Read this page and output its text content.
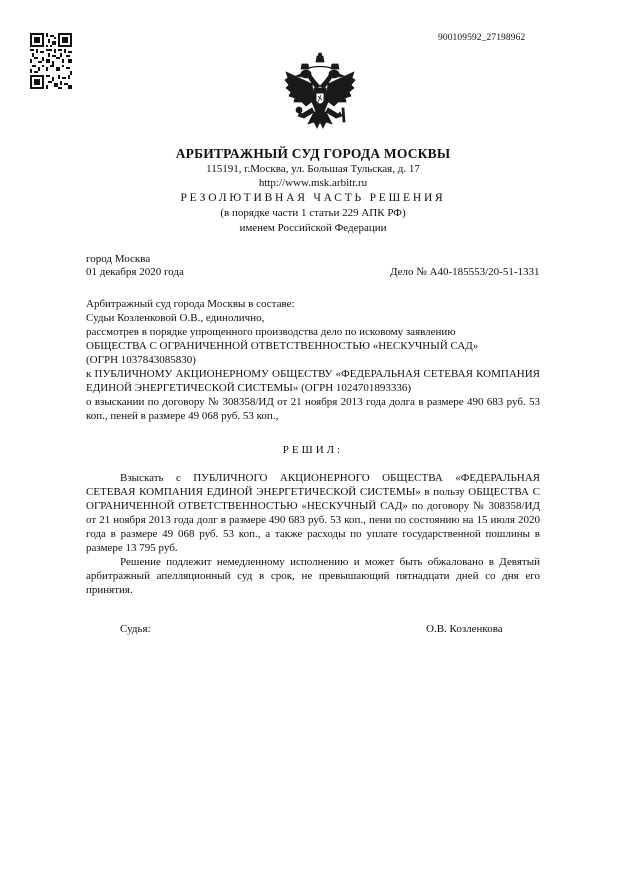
900109592_27198962
АРБИТРАЖНЫЙ СУД ГОРОДА МОСКВЫ
115191, г.Москва, ул. Большая Тульская, д. 17
http://www.msk.arbitr.ru
РЕЗОЛЮТИВНАЯ ЧАСТЬ РЕШЕНИЯ
(в порядке части 1 статьи 229 АПК РФ)
именем Российской Федерации
город Москва
01 декабря 2020 года	Дело № А40-185553/20-51-1331

Арбитражный суд города Москвы в составе:

Судьи Козленковой О.В., единолично,

рассмотрев в порядке упрощенного производства дело по исковому заявлению

ОБЩЕСТВА С ОГРАНИЧЕННОЙ ОТВЕТСТВЕННОСТЬЮ «НЕСКУЧНЫЙ САД»

(ОГРН 1037843085830)

к ПУБЛИЧНОМУ АКЦИОНЕРНОМУ ОБЩЕСТВУ «ФЕДЕРАЛЬНАЯ СЕТЕВАЯ КОМПАНИЯ ЕДИНОЙ ЭНЕРГЕТИЧЕСКОЙ СИСТЕМЫ» (ОГРН 1024701893336)

о взыскании по договору № 308358/ИД от 21 ноября 2013 года долга в размере 490 683 руб. 53 коп., пеней в размере 49 068 руб. 53 коп.,

РЕШИЛ:

Взыскать с ПУБЛИЧНОГО АКЦИОНЕРНОГО ОБЩЕСТВА «ФЕДЕРАЛЬНАЯ СЕТЕВАЯ КОМПАНИЯ ЕДИНОЙ ЭНЕРГЕТИЧЕСКОЙ СИСТЕМЫ» в пользу ОБЩЕСТВА С ОГРАНИЧЕННОЙ ОТВЕТСТВЕННОСТЬЮ «НЕСКУЧНЫЙ САД» по договору № 308358/ИД от 21 ноября 2013 года долг в размере 490 683 руб. 53 коп., пени по состоянию на 15 июля 2020 года в размере 49 068 руб. 53 коп., а также расходы по уплате государственной пошлины в размере 13 795 руб.

Решение подлежит немедленному исполнению и может быть обжаловано в Девятый арбитражный апелляционный суд в срок, не превышающий пятнадцати дней со дня его принятия.

Судья:	О.В. Козленкова
